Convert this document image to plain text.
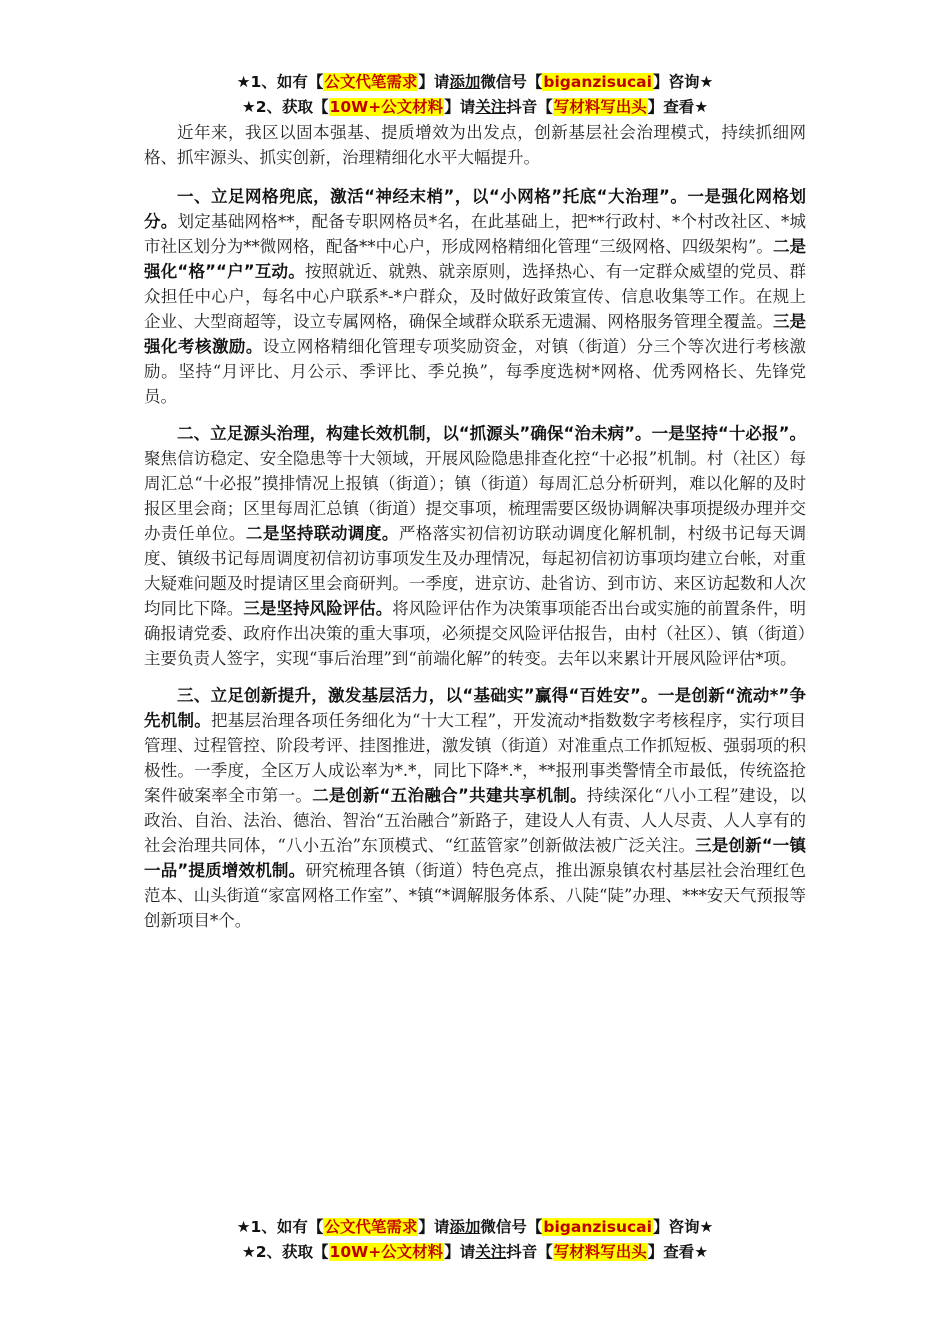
★1、如有【公文代笔需求】请添加微信号【biganzisucai】咨询★
★2、获取【10W+公文材料】请关注抖音【写材料写出头】查看★

近年来，我区以固本强基、提质增效为出发点，创新基层社会治理模式，持续抓细网格、抓牢源头、抓实创新，治理精细化水平大幅提升。

一、立足网格兜底，激活“神经末梢”，以“小网格”托底“大治理”。一是强化网格划分。划定基础网格**，配备专职网格员*名，在此基础上，把**行政村、*个村改社区、*城市社区划分为**微网格，配备**中心户，形成网格精细化管理“三级网格、四级架构”。二是强化“格”“户”互动。按照就近、就熟、就亲原则，选择热心、有一定群众威望的党员、群众担任中心户，每名中心户联系*-*户群众，及时做好政策宣传、信息收集等工作。在规上企业、大型商超等，设立专属网格，确保全域群众联系无遗漏、网格服务管理全覆盖。三是强化考核激励。设立网格精细化管理专项奖励资金，对镇（街道）分三个等次进行考核激励。坚持“月评比、月公示、季评比、季兑换”，每季度选树*网格、优秀网格长、先锋党员。

二、立足源头治理，构建长效机制，以“抓源头”确保“治未病”。一是坚持“十必报”。聚焦信访稳定、安全隐患等十大领域，开展风险隐患排查化控“十必报”机制。村（社区）每周汇总“十必报”摸排情况上报镇（街道）；镇（街道）每周汇总分析研判，难以化解的及时报区里会商；区里每周汇总镇（街道）提交事项，梳理需要区级协调解决事项提级办理并交办责任单位。二是坚持联动调度。严格落实初信初访联动调度化解机制，村级书记每天调度、镇级书记每周调度初信初访事项发生及办理情况，每起初信初访事项均建立台帐，对重大疑难问题及时提请区里会商研判。一季度，进京访、赴省访、到市访、来区访起数和人次均同比下降。三是坚持风险评估。将风险评估作为决策事项能否出台或实施的前置条件，明确报请党委、政府作出决策的重大事项，必须提交风险评估报告，由村（社区）、镇（街道）主要负责人签字，实现“事后治理”到“前端化解”的转变。去年以来累计开展风险评估*项。

三、立足创新提升，激发基层活力，以“基础实”赢得“百姓安”。一是创新“流动*”争先机制。把基层治理各项任务细化为“十大工程”，开发流动*指数数字考核程序，实行项目管理、过程管控、阶段考评、挂图推进，激发镇（街道）对准重点工作抓短板、强弱项的积极性。一季度，全区万人成讼率为*.*，同比下降*.*，**报刑事类警情全市最低，传统盗抢案件破案率全市第一。二是创新“五治融合”共建共享机制。持续深化“八小工程”建设，以政治、自治、法治、德治、智治“五治融合”新路子，建设人人有责、人人尽责、人人享有的社会治理共同体，“八小五治”东顶模式、“红蓝管家”创新做法被广泛关注。三是创新“一镇一品”提质增效机制。研究梳理各镇（街道）特色亮点，推出源泉镇农村基层社会治理红色范本、山头街道“家富网格工作室”、*镇“*调解服务体系、八陡“陡”办理、***安天气预报等创新项目*个。

★1、如有【公文代笔需求】请添加微信号【biganzisucai】咨询★
★2、获取【10W+公文材料】请关注抖音【写材料写出头】查看★
